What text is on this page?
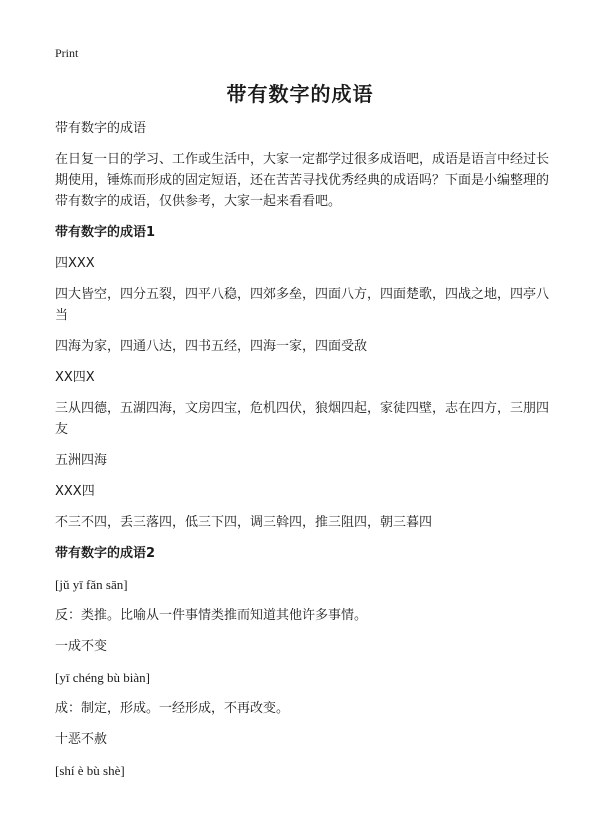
Print
带有数字的成语

带有数字的成语

在日复一日的学习、工作或生活中，大家一定都学过很多成语吧，成语是语言中经过长期使用，锤炼而形成的固定短语，还在苦苦寻找优秀经典的成语吗？下面是小编整理的带有数字的成语，仅供参考，大家一起来看看吧。

带有数字的成语1

四XXX

四大皆空，四分五裂，四平八稳，四郊多垒，四面八方，四面楚歌，四战之地，四亭八当

四海为家，四通八达，四书五经，四海一家，四面受敌

XX四X

三从四德，五湖四海，文房四宝，危机四伏，狼烟四起，家徒四壁，志在四方，三朋四友

五洲四海

XXX四

不三不四，丢三落四，低三下四，调三斡四，推三阻四，朝三暮四

带有数字的成语2

[jǔ yī fǎn sān]

反：类推。比喻从一件事情类推而知道其他许多事情。

一成不变

[yī chéng bù biàn]

成：制定，形成。一经形成，不再改变。

十恶不赦

[shí è bù shè]
